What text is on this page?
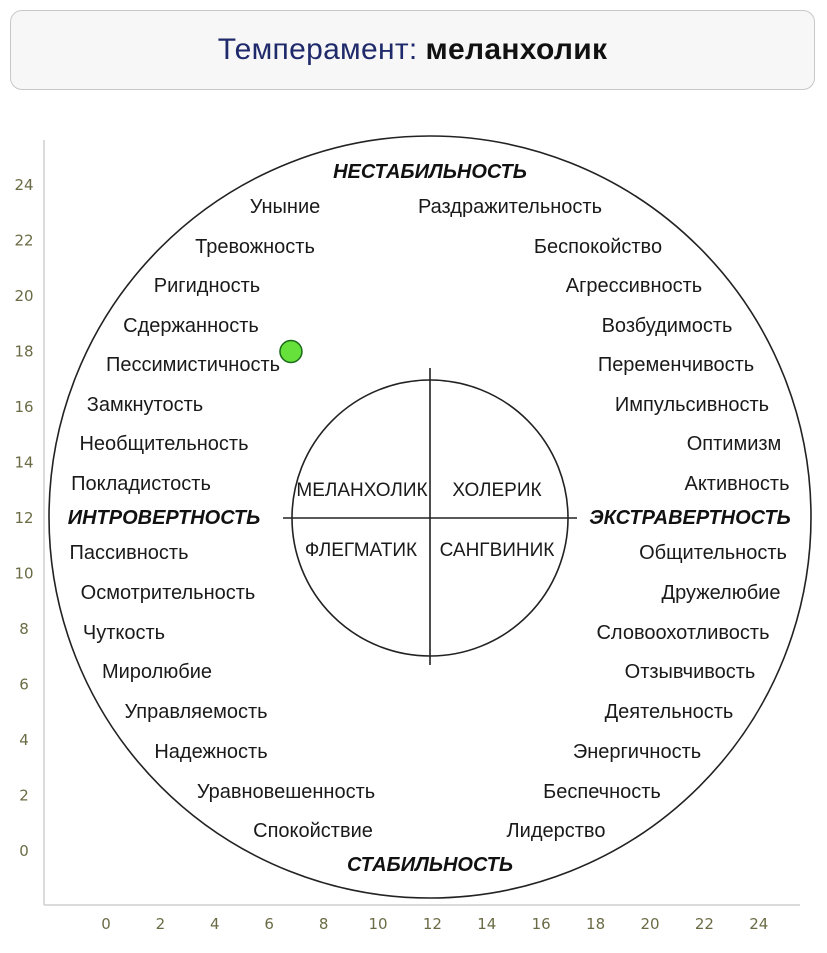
Темперамент: меланхолик
0	2	4	6	8	10 12 14 16 18 20 22 24
0
2
4
6
8
10
12
14
16
18
20
22
24
НЕСТАБИЛЬНОСТЬ
СТАБИЛЬНОСТЬ
ИНТРОВЕРТНОСТЬ	ЭКСТРАВЕРТНОСТЬ
МЕЛАНХОЛИК ХОЛЕРИК
ФЛЕГМАТИК САНГВИНИК
Уныние
Тревожность
Ригидность
Сдержанность
Пессимистичность
Замкнутость
Необщительность
Покладистость
Пассивность
Осмотрительность
Чуткость
Миролюбие
Управляемость
Надежность
Уравновешенность
Спокойствие
Раздражительность
Беспокойство
Агрессивность
Возбудимость
Переменчивость
Импульсивность
Оптимизм
Активность
Общительность
Дружелюбие
Словоохотливость
Отзывчивость
Деятельность
Энергичность
Беспечность
Лидерство
